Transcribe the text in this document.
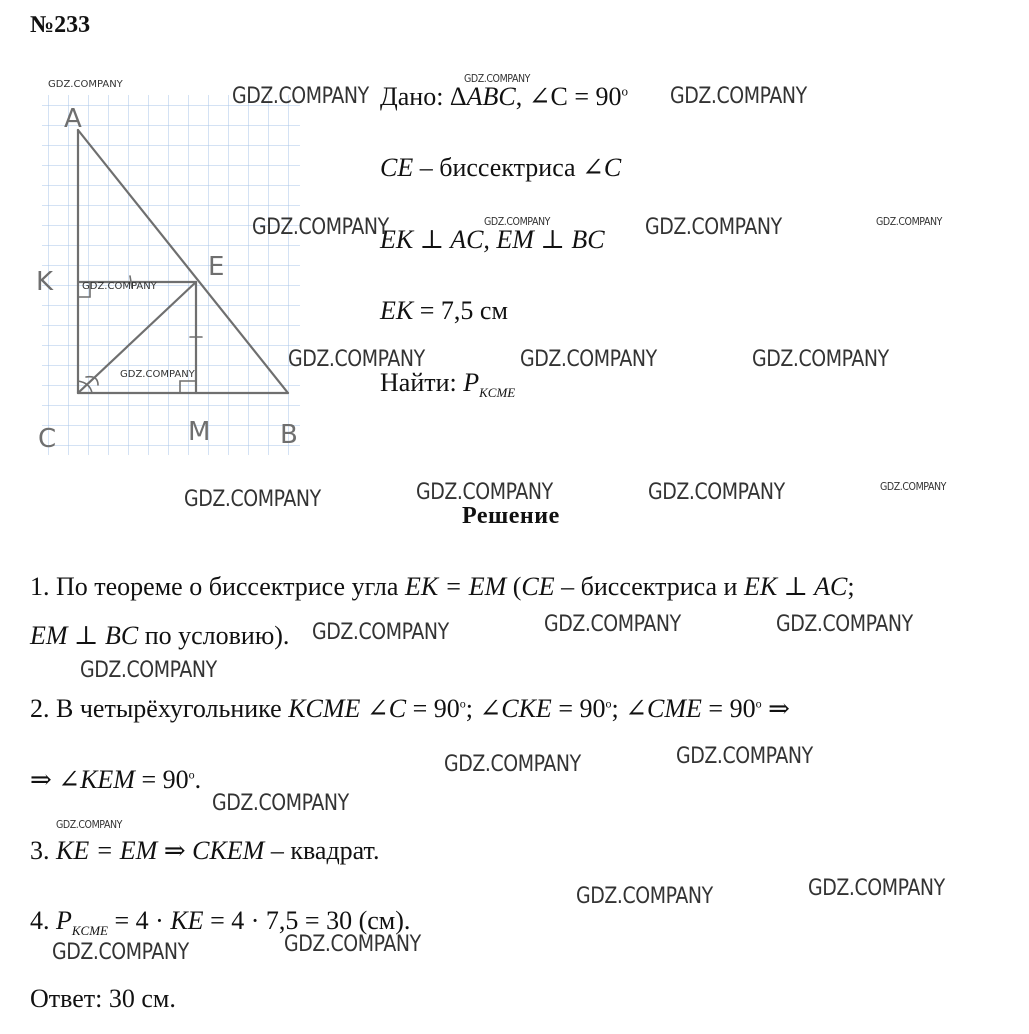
№233
A
K	E
C	M	B
GDZ.COMPANY
GDZ.COMPANY
GDZ.COMPANY
Дано: ΔABC, ∠C = $90^о$
CE – биссектриса ∠C
EK ⊥ AC, EM ⊥ BC
EK = 7,5 см
Найти: $P_{KCME}$
Решение
1. По теореме о биссектрисе угла EK = EM (CE – биссектриса и EK ⊥ AC;
EM ⊥ BC по условию).
2. В четырёхугольнике KCME ∠C = $90^о$; ∠CKE = $90^о$; ∠CME = $90^о$ ⇒
⇒ ∠KEM = $90^о$.
3. KE = EM ⇒ CKEM – квадрат.
4. $P_{KCME} = 4$ · KE = 4 · 7,5 = 30 (см).
Ответ: 30 см.
GDZ.COMPANY
GDZ.COMPANY
GDZ.COMPANY
GDZ.COMPANY	GDZ.COMPANY	GDZ.COMPANY	GDZ.COMPANY
GDZ.COMPANY	GDZ.COMPANY	GDZ.COMPANY
GDZ.COMPANY	GDZ.COMPANY	GDZ.COMPANY	GDZ.COMPANY
GDZ.COMPANY	GDZ.COMPANY	GDZ.COMPANY
GDZ.COMPANY
GDZ.COMPANY	GDZ.COMPANY
GDZ.COMPANY
GDZ.COMPANY
GDZ.COMPANY	GDZ.COMPANY
GDZ.COMPANY
GDZ.COMPANY
